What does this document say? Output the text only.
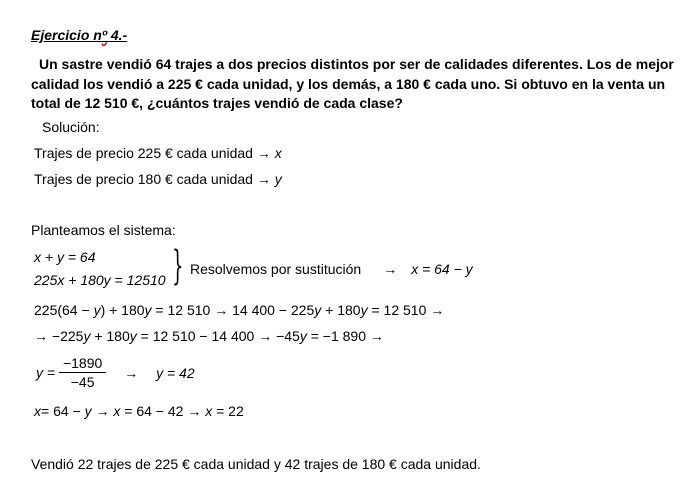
Ejercicio nº 4.-
Un sastre vendió 64 trajes a dos precios distintos por ser de calidades diferentes. Los de mejor calidad los vendió a 225 € cada unidad, y los demás, a 180 € cada uno. Si obtuvo en la venta un total de 12 510 €, ¿cuántos trajes vendió de cada clase?
Solución:
Trajes de precio 225 € cada unidad → x
Trajes de precio 180 € cada unidad → y
Planteamos el sistema:
x + y = 64
225x + 180y = 12510 } Resolvemos por sustitución → x = 64 − y
225(64 − y) + 180y = 12 510 → 14 400 − 225y + 180y = 12 510 →
→ −225y + 180y = 12 510 − 14 400 → −45y = −1 890 →
$y = \frac{-1890}{-45} \to y = 42$
x= 64 − y → x = 64 − 42 → x = 22
Vendió 22 trajes de 225 € cada unidad y 42 trajes de 180 € cada unidad.
